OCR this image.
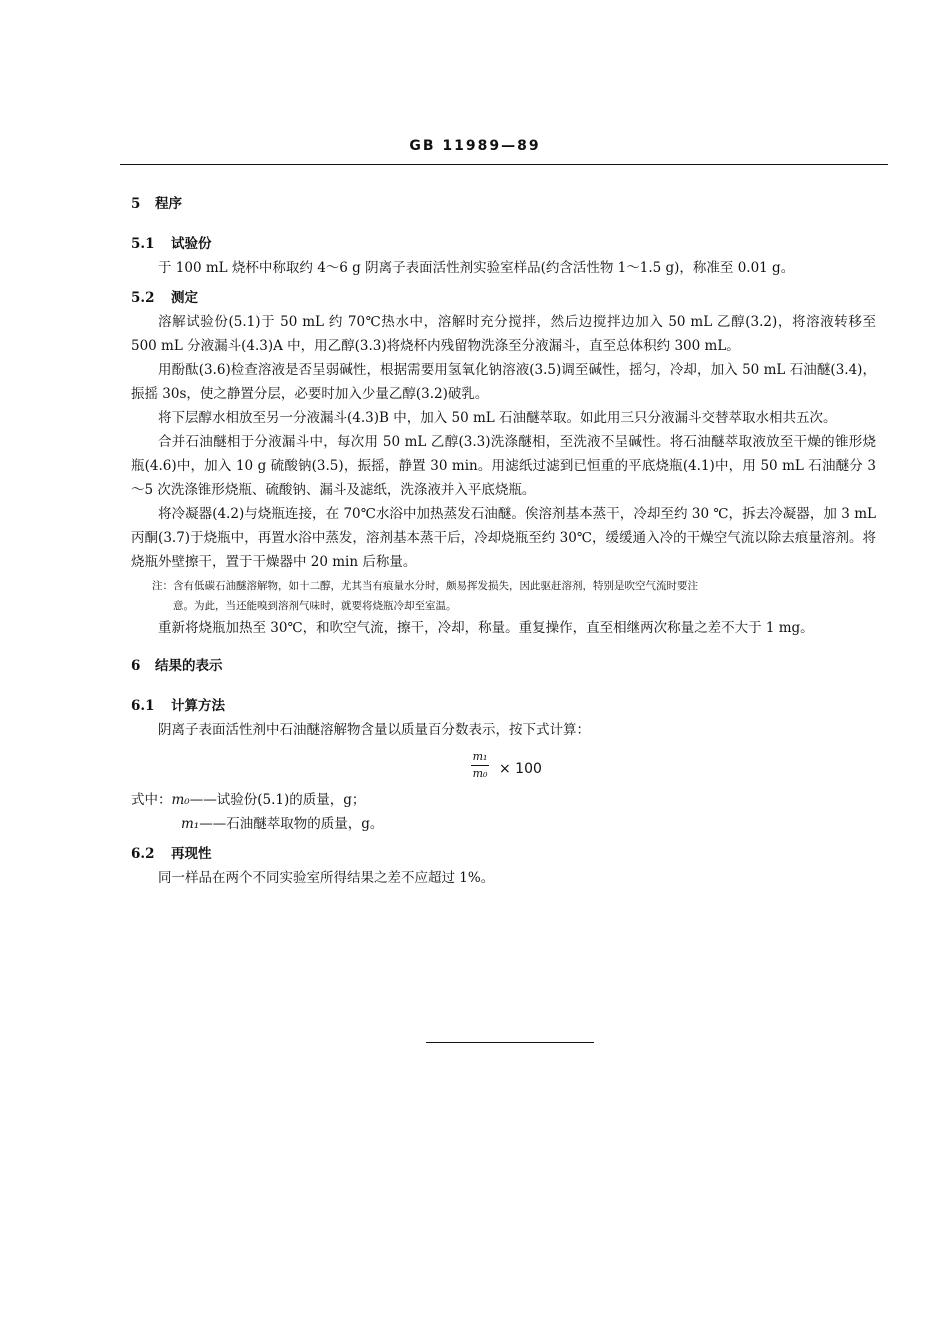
GB 11989—89
5 程序
5.1 试验份

于 100 mL 烧杯中称取约 4～6 g 阴离子表面活性剂实验室样品(约含活性物 1～1.5 g)，称准至 0.01 g。

5.2 测定

溶解试验份(5.1)于 50 mL 约 70℃热水中，溶解时充分搅拌，然后边搅拌边加入 50 mL 乙醇(3.2)，将溶液转移至 500 mL 分液漏斗(4.3)A 中，用乙醇(3.3)将烧杯内残留物洗涤至分液漏斗，直至总体积约 300 mL。

用酚酞(3.6)检查溶液是否呈弱碱性，根据需要用氢氧化钠溶液(3.5)调至碱性，摇匀，冷却，加入 50 mL 石油醚(3.4)，振摇 30s，使之静置分层，必要时加入少量乙醇(3.2)破乳。

将下层醇水相放至另一分液漏斗(4.3)B 中，加入 50 mL 石油醚萃取。如此用三只分液漏斗交替萃取水相共五次。

合并石油醚相于分液漏斗中，每次用 50 mL 乙醇(3.3)洗涤醚相，至洗液不呈碱性。将石油醚萃取液放至干燥的锥形烧瓶(4.6)中，加入 10 g 硫酸钠(3.5)，振摇，静置 30 min。用滤纸过滤到已恒重的平底烧瓶(4.1)中，用 50 mL 石油醚分 3～5 次洗涤锥形烧瓶、硫酸钠、漏斗及滤纸，洗涤液并入平底烧瓶。

将冷凝器(4.2)与烧瓶连接，在 70℃水浴中加热蒸发石油醚。俟溶剂基本蒸干，冷却至约 30 ℃，拆去冷凝器，加 3 mL 丙酮(3.7)于烧瓶中，再置水浴中蒸发，溶剂基本蒸干后，冷却烧瓶至约 30℃，缓缓通入冷的干燥空气流以除去痕量溶剂。将烧瓶外壁擦干，置于干燥器中 20 min 后称量。

注：含有低碳石油醚溶解物，如十二醇，尤其当有痕量水分时，颇易挥发损失，因此驱赶溶剂，特别是吹空气流时要注
意。为此，当还能嗅到溶剂气味时，就要将烧瓶冷却至室温。

重新将烧瓶加热至 30℃，和吹空气流，擦干，冷却，称量。重复操作，直至相继两次称量之差不大于 1 mg。

6 结果的表示
6.1 计算方法

阴离子表面活性剂中石油醚溶解物含量以质量百分数表示，按下式计算：

m₁
m₀ × 100
式中：m₀——试验份(5.1)的质量，g；
m₁——石油醚萃取物的质量，g。
6.2 再现性

同一样品在两个不同实验室所得结果之差不应超过 1%。
